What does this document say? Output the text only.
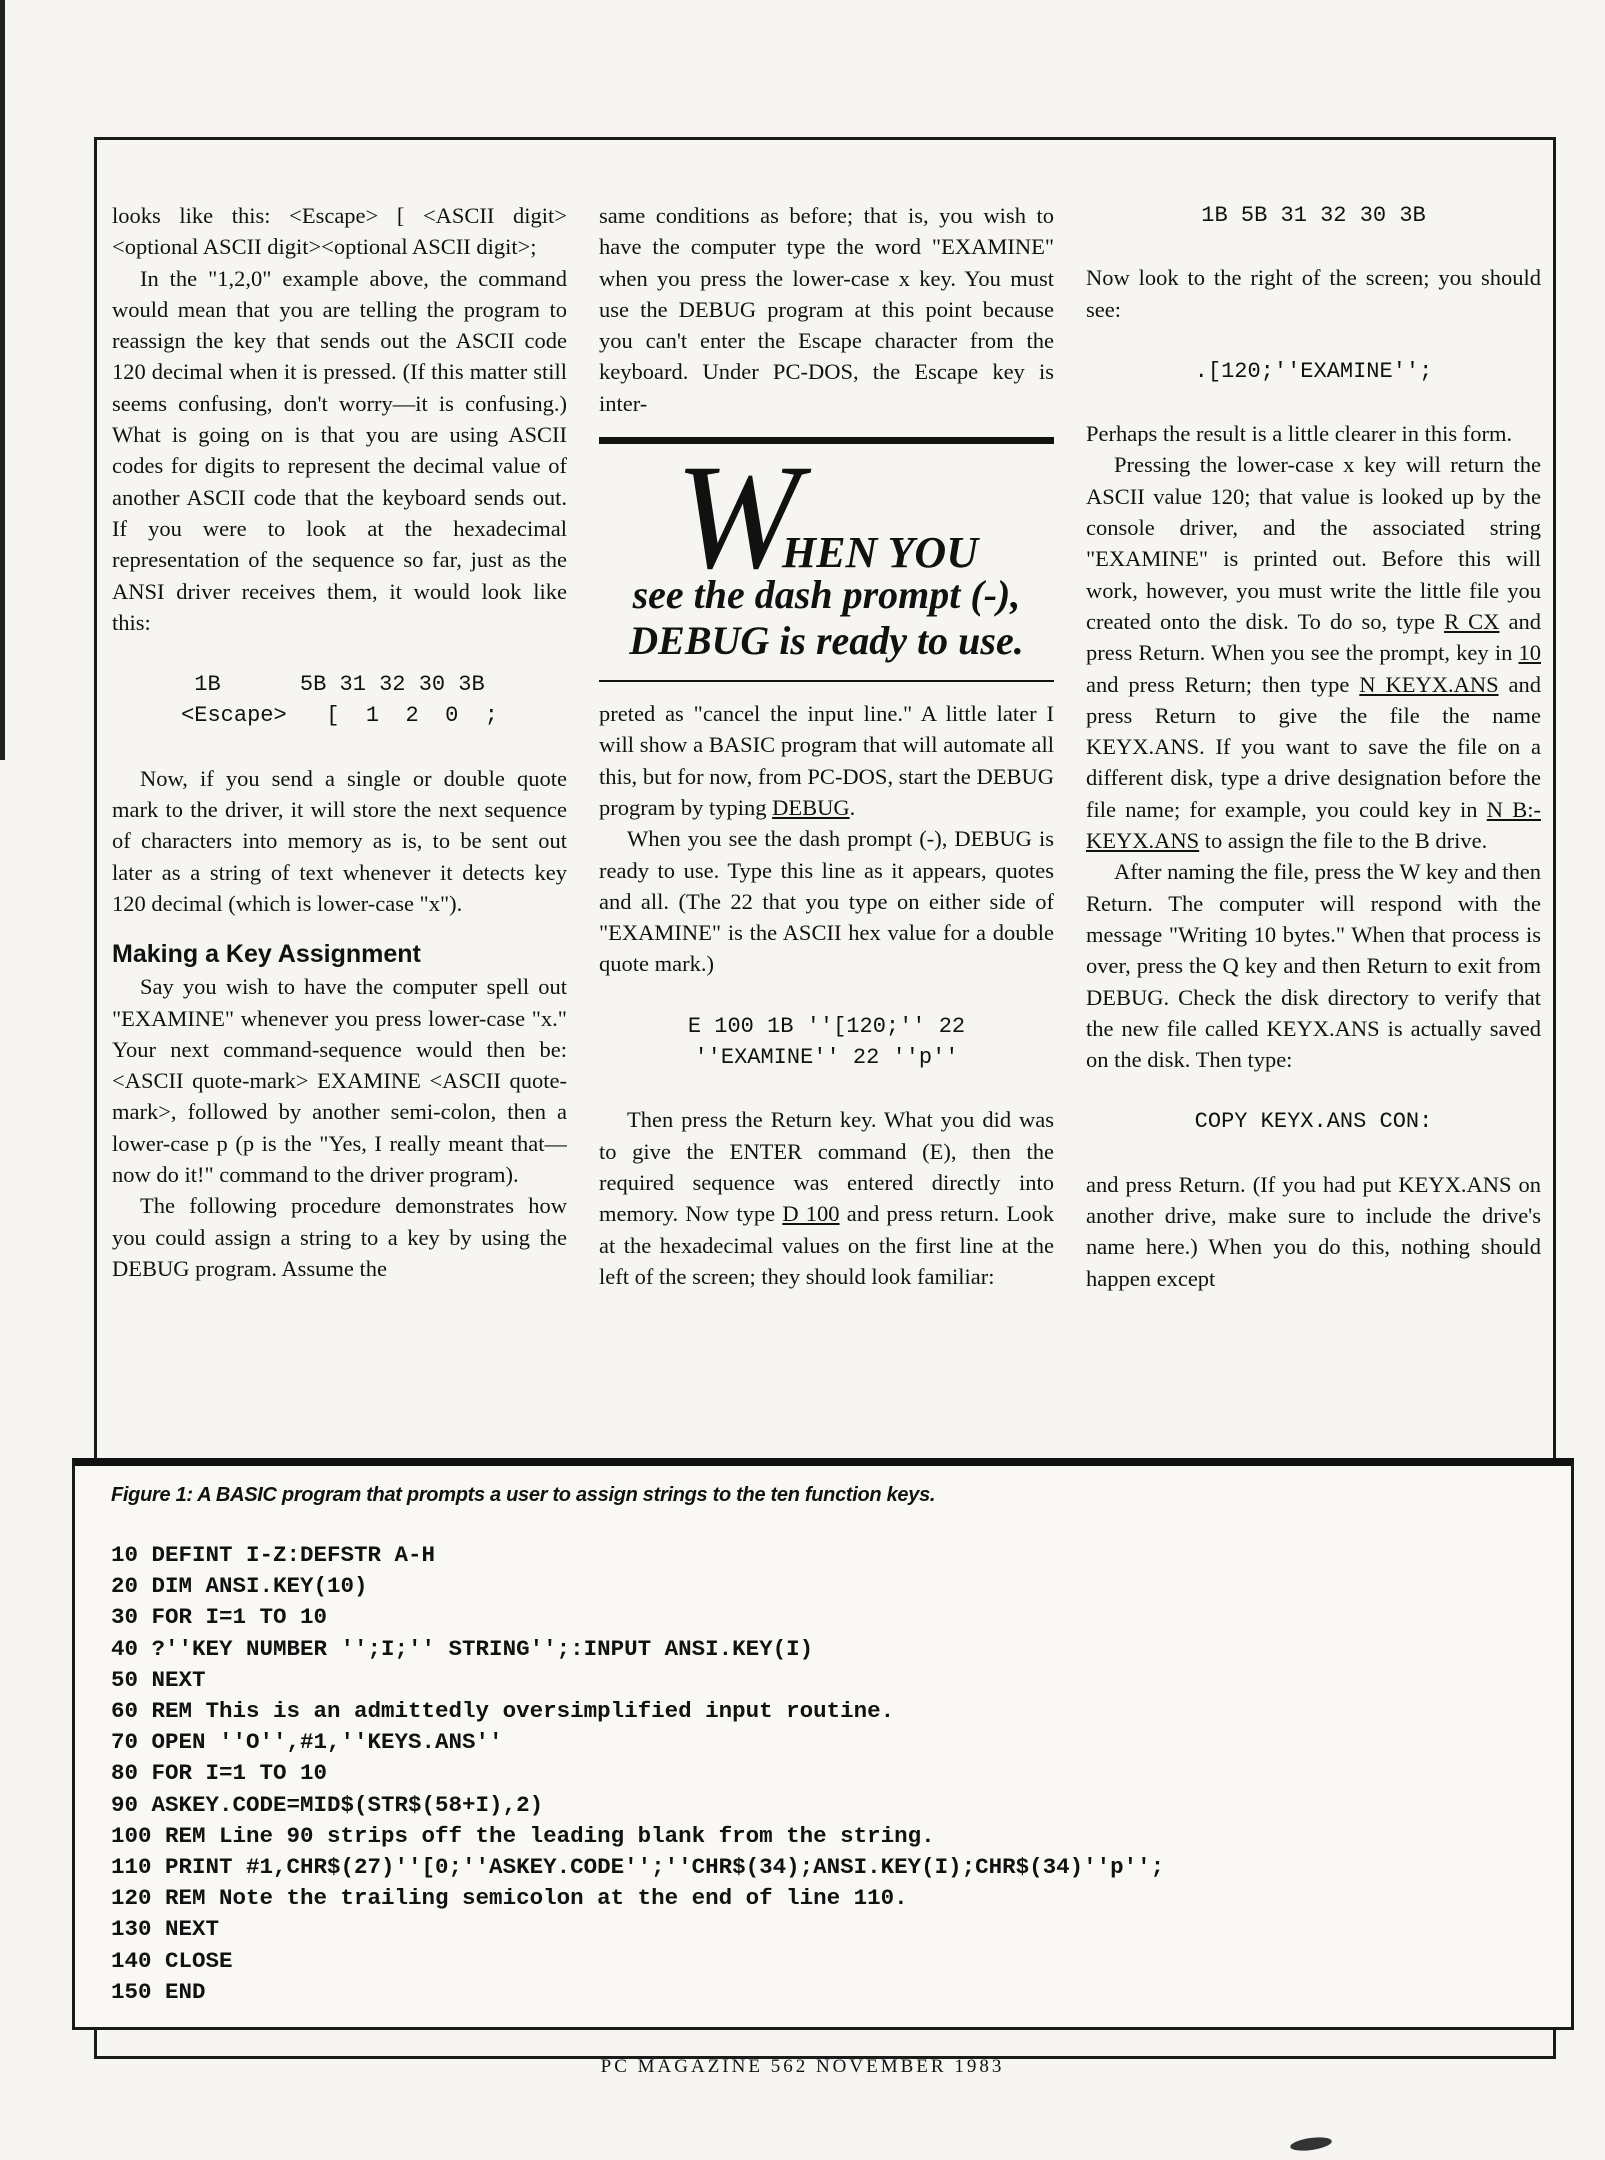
looks like this: <Escape> [ <ASCII digit><optional ASCII digit><optional ASCII digit>;

In the "1,2,0" example above, the command would mean that you are telling the program to reassign the key that sends out the ASCII code 120 decimal when it is pressed. (If this matter still seems confusing, don't worry—it is confusing.) What is going on is that you are using ASCII codes for digits to represent the decimal value of another ASCII code that the keyboard sends out. If you were to look at the hexadecimal representation of the sequence so far, just as the ANSI driver receives them, it would look like this:

1B      5B 31 32 30 3B
<Escape>   [  1  2  0  ;

Now, if you send a single or double quote mark to the driver, it will store the next sequence of characters into memory as is, to be sent out later as a string of text whenever it detects key 120 decimal (which is lower-case "x").

Making a Key Assignment

Say you wish to have the computer spell out "EXAMINE" whenever you press lower-case "x." Your next command-sequence would then be: <ASCII quote-mark> EXAMINE <ASCII quote-mark>, followed by another semi-colon, then a lower-case p (p is the "Yes, I really meant that—now do it!" command to the driver program).

The following procedure demonstrates how you could assign a string to a key by using the DEBUG program. Assume the

same conditions as before; that is, you wish to have the computer type the word "EXAMINE" when you press the lower-case x key. You must use the DEBUG program at this point because you can't enter the Escape character from the keyboard. Under PC-DOS, the Escape key is inter-

WHEN YOU
see the dash prompt (-),
DEBUG is ready to use.

preted as "cancel the input line." A little later I will show a BASIC program that will automate all this, but for now, from PC-DOS, start the DEBUG program by typing DEBUG.

When you see the dash prompt (-), DEBUG is ready to use. Type this line as it appears, quotes and all. (The 22 that you type on either side of "EXAMINE" is the ASCII hex value for a double quote mark.)

E 100 1B ''[120;'' 22
''EXAMINE'' 22 ''p''

Then press the Return key. What you did was to give the ENTER command (E), then the required sequence was entered directly into memory. Now type D 100 and press return. Look at the hexadecimal values on the first line at the left of the screen; they should look familiar:

1B 5B 31 32 30 3B

Now look to the right of the screen; you should see:

.[120;''EXAMINE'';

Perhaps the result is a little clearer in this form.

Pressing the lower-case x key will return the ASCII value 120; that value is looked up by the console driver, and the associated string "EXAMINE" is printed out. Before this will work, however, you must write the little file you created onto the disk. To do so, type R CX and press Return. When you see the prompt, key in 10 and press Return; then type N KEYX.ANS and press Return to give the file the name KEYX.ANS. If you want to save the file on a different disk, type a drive designation before the file name; for example, you could key in N B:-KEYX.ANS to assign the file to the B drive.

After naming the file, press the W key and then Return. The computer will respond with the message "Writing 10 bytes." When that process is over, press the Q key and then Return to exit from DEBUG. Check the disk directory to verify that the new file called KEYX.ANS is actually saved on the disk. Then type:

COPY KEYX.ANS CON:

and press Return. (If you had put KEYX.ANS on another drive, make sure to include the drive's name here.) When you do this, nothing should happen except

Figure 1: A BASIC program that prompts a user to assign strings to the ten function keys.
10 DEFINT I-Z:DEFSTR A-H
20 DIM ANSI.KEY(10)
30 FOR I=1 TO 10
40 ?''KEY NUMBER '';I;'' STRING'';:INPUT ANSI.KEY(I)
50 NEXT
60 REM This is an admittedly oversimplified input routine.
70 OPEN ''O'',#1,''KEYS.ANS''
80 FOR I=1 TO 10
90 ASKEY.CODE=MID$(STR$(58+I),2)
100 REM Line 90 strips off the leading blank from the string.
110 PRINT #1,CHR$(27)''[0;''ASKEY.CODE'';''CHR$(34);ANSI.KEY(I);CHR$(34)''p'';
120 REM Note the trailing semicolon at the end of line 110.
130 NEXT
140 CLOSE
150 END
PC MAGAZINE 562 NOVEMBER 1983
